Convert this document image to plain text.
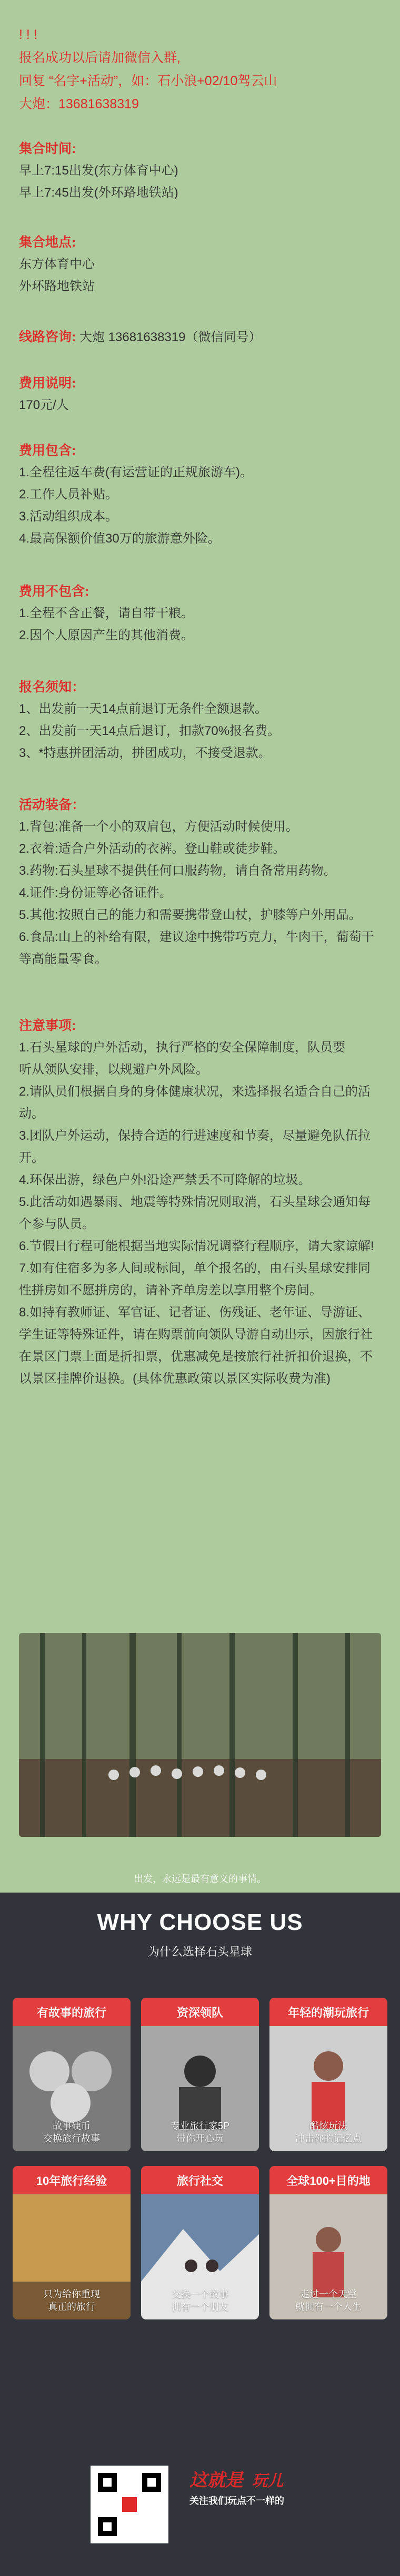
! ! !
报名成功以后请加微信入群,
回复 “名字+活动”，如：石小浪+02/10驾云山
大炮：13681638319
集合时间:
早上7:15出发(东方体育中心)
早上7:45出发(外环路地铁站)
集合地点:
东方体育中心
外环路地铁站
线路咨询: 大炮 13681638319（微信同号）
费用说明:
170元/人
费用包含:
1.全程往返车费(有运营证的正规旅游车)。
2.工作人员补贴。
3.活动组织成本。
4.最高保额价值30万的旅游意外险。
费用不包含:
1.全程不含正餐，请自带干粮。
2.因个人原因产生的其他消费。
报名须知：
1、出发前一天14点前退订无条件全额退款。
2、出发前一天14点后退订，扣款70%报名费。
3、*特惠拼团活动，拼团成功，不接受退款。
活动装备：
1.背包:准备一个小的双肩包，方便活动时候使用。
2.衣着:适合户外活动的衣裤。登山鞋或徒步鞋。
3.药物:石头星球不提供任何口服药物，请自备常用药物。
4.证件:身份证等必备证件。
5.其他:按照自己的能力和需要携带登山杖，护膝等户外用品。
6.食品:山上的补给有限，建议途中携带巧克力，牛肉干，葡萄干等高能量零食。
注意事项:
1.石头星球的户外活动，执行严格的安全保障制度，队员要
听从领队安排，以规避户外风险。
2.请队员们根据自身的身体健康状况，来选择报名适合自己的活动。
3.团队户外运动，保持合适的行进速度和节奏，尽量避免队伍拉开。
4.环保出游，绿色户外!沿途严禁丢不可降解的垃圾。
5.此活动如遇暴雨、地震等特殊情况则取消，石头星球会通知每个参与队员。
6.节假日行程可能根据当地实际情况调整行程顺序，请大家谅解!
7.如有住宿多为多人间或标间，单个报名的，由石头星球安排同性拼房如不愿拼房的，请补齐单房差以享用整个房间。
8.如持有教师证、军官证、记者证、伤残证、老年证、导游证、学生证等特殊证件，请在购票前向领队导游自动出示，因旅行社在景区门票上面是折扣票，优惠减免是按旅行社折扣价退换，不以景区挂牌价退换。(具体优惠政策以景区实际收费为准)
出发，永远是最有意义的事情。
WHY CHOOSE US
为什么选择石头星球
有故事的旅行
故事硬币
交换旅行故事
资深领队
专业旅行家5P
带你开心玩
年轻的潮玩旅行
酷炫玩法
冲击你的记忆点
10年旅行经验
只为给你重现
真正的旅行
旅行社交
交换一个故事
拥有一个朋友
全球100+目的地
走过一个天堂
就拥有一个人生
这就是 玩儿
关注我们玩点不一样的
